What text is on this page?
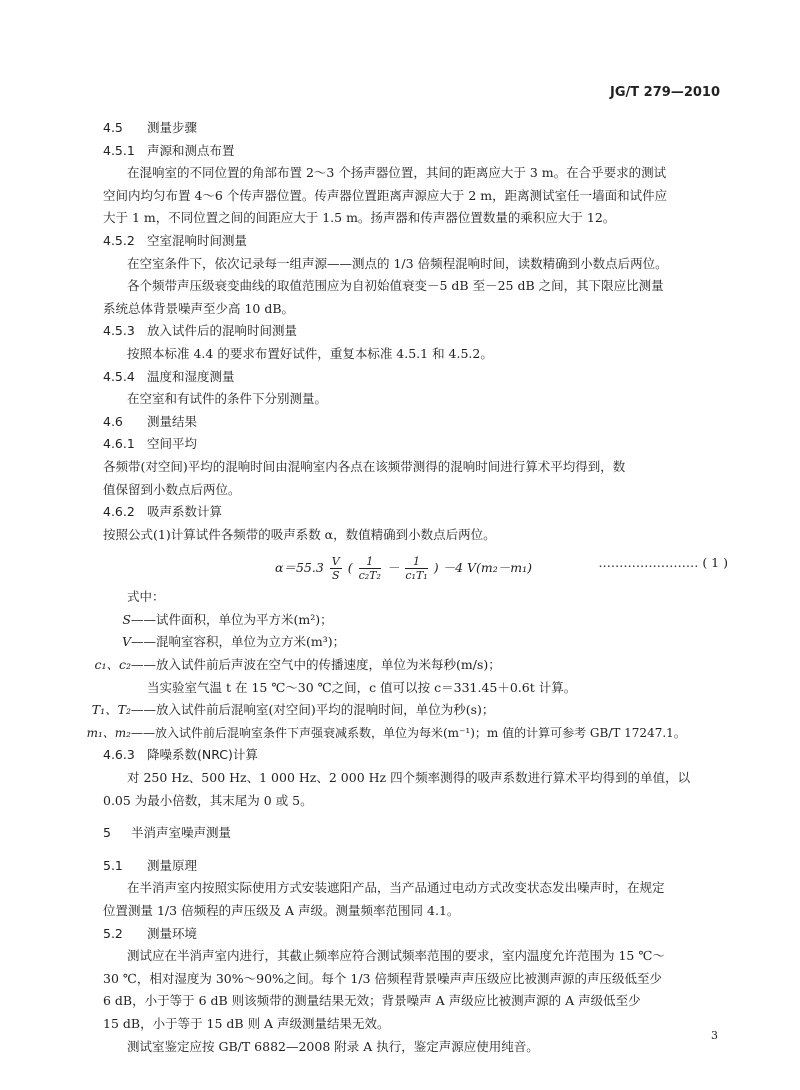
JG/T 279—2010
4.5 测量步骤
4.5.1 声源和测点布置
在混响室的不同位置的角部布置 2～3 个扬声器位置，其间的距离应大于 3 m。在合乎要求的测试
空间内均匀布置 4～6 个传声器位置。传声器位置距离声源应大于 2 m，距离测试室任一墙面和试件应
大于 1 m，不同位置之间的间距应大于 1.5 m。扬声器和传声器位置数量的乘积应大于 12。
4.5.2 空室混响时间测量
在空室条件下，依次记录每一组声源——测点的 1/3 倍频程混响时间，读数精确到小数点后两位。
各个频带声压级衰变曲线的取值范围应为自初始值衰变－5 dB 至－25 dB 之间，其下限应比测量
系统总体背景噪声至少高 10 dB。
4.5.3 放入试件后的混响时间测量
按照本标准 4.4 的要求布置好试件，重复本标准 4.5.1 和 4.5.2。
4.5.4 温度和湿度测量
在空室和有试件的条件下分别测量。
4.6 测量结果
4.6.1 空间平均
各频带(对空间)平均的混响时间由混响室内各点在该频带测得的混响时间进行算术平均得到，数
值保留到小数点后两位。
4.6.2 吸声系数计算
按照公式(1)计算试件各频带的吸声系数 α，数值精确到小数点后两位。
$\alpha=55.3 \frac{V}{S}$ ( $\frac{1}{\text{c₂T₂}} - \frac{1}{\text{c₁T₁}}$ ) －4 V(m₂－m₁)	…………………… ( 1 )
式中：
S——试件面积，单位为平方米(m²)；
V——混响室容积，单位为立方米(m³)；
c₁、c₂——放入试件前后声波在空气中的传播速度，单位为米每秒(m/s)；
当实验室气温 t 在 15 ℃～30 ℃之间，c 值可以按 c＝331.45＋0.6t 计算。
T₁、T₂——放入试件前后混响室(对空间)平均的混响时间，单位为秒(s)；
m₁、m₂——放入试件前后混响室条件下声强衰减系数，单位为每米(m⁻¹)；m 值的计算可参考 GB/T 17247.1。
4.6.3 降噪系数(NRC)计算
对 250 Hz、500 Hz、1 000 Hz、2 000 Hz 四个频率测得的吸声系数进行算术平均得到的单值，以
0.05 为最小倍数，其末尾为 0 或 5。
5 半消声室噪声测量
5.1 测量原理
在半消声室内按照实际使用方式安装遮阳产品，当产品通过电动方式改变状态发出噪声时，在规定
位置测量 1/3 倍频程的声压级及 A 声级。测量频率范围同 4.1。
5.2 测量环境
测试应在半消声室内进行，其截止频率应符合测试频率范围的要求，室内温度允许范围为 15 ℃～
30 ℃，相对湿度为 30%～90%之间。每个 1/3 倍频程背景噪声声压级应比被测声源的声压级低至少
6 dB，小于等于 6 dB 则该频带的测量结果无效；背景噪声 A 声级应比被测声源的 A 声级低至少
15 dB，小于等于 15 dB 则 A 声级测量结果无效。
测试室鉴定应按 GB/T 6882—2008 附录 A 执行，鉴定声源应使用纯音。
3
